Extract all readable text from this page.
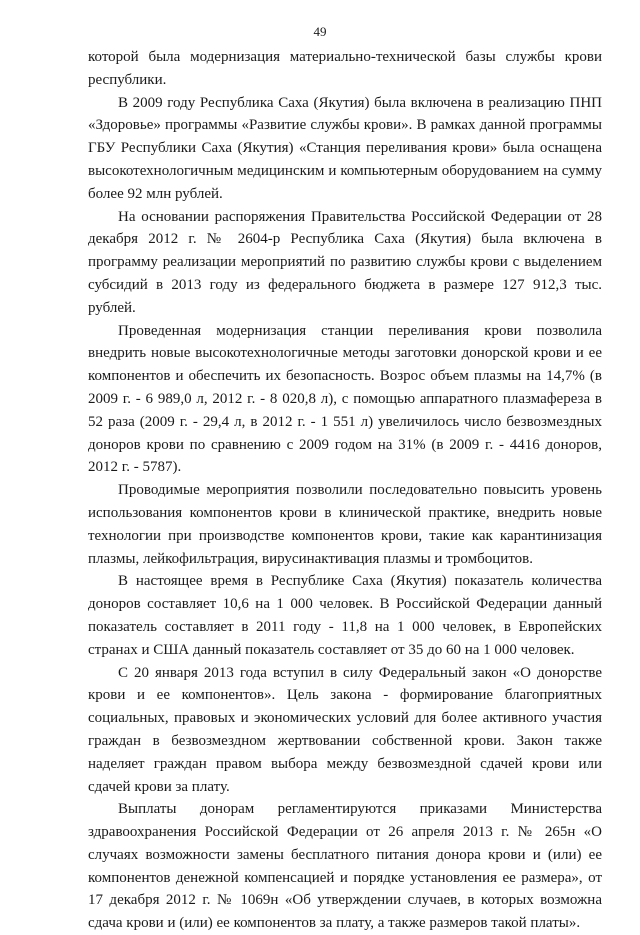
49

которой была модернизация материально-технической базы службы крови республики.

В 2009 году Республика Саха (Якутия) была включена в реализацию ПНП «Здоровье» программы «Развитие службы крови». В рамках данной программы ГБУ Республики Саха (Якутия) «Станция переливания крови» была оснащена высокотехнологичным медицинским и компьютерным оборудованием на сумму более 92 млн рублей.

На основании распоряжения Правительства Российской Федерации от 28 декабря 2012 г. № 2604-р Республика Саха (Якутия) была включена в программу реализации мероприятий по развитию службы крови с выделением субсидий в 2013 году из федерального бюджета в размере 127 912,3 тыс. рублей.

Проведенная модернизация станции переливания крови позволила внедрить новые высокотехнологичные методы заготовки донорской крови и ее компонентов и обеспечить их безопасность. Возрос объем плазмы на 14,7% (в 2009 г. - 6 989,0 л, 2012 г. - 8 020,8 л), с помощью аппаратного плазмафереза в 52 раза (2009 г. - 29,4 л, в 2012 г. - 1 551 л) увеличилось число безвозмездных доноров крови по сравнению с 2009 годом на 31% (в 2009 г. - 4416 доноров, 2012 г. - 5787).

Проводимые мероприятия позволили последовательно повысить уровень использования компонентов крови в клинической практике, внедрить новые технологии при производстве компонентов крови, такие как карантинизация плазмы, лейкофильтрация, вирусинактивация плазмы и тромбоцитов.

В настоящее время в Республике Саха (Якутия) показатель количества доноров составляет 10,6 на 1 000 человек. В Российской Федерации данный показатель составляет в 2011 году - 11,8 на 1 000 человек, в Европейских странах и США данный показатель составляет от 35 до 60 на 1 000 человек.

С 20 января 2013 года вступил в силу Федеральный закон «О донорстве крови и ее компонентов». Цель закона - формирование благоприятных социальных, правовых и экономических условий для более активного участия граждан в безвозмездном жертвовании собственной крови. Закон также наделяет граждан правом выбора между безвозмездной сдачей крови или сдачей крови за плату.

Выплаты донорам регламентируются приказами Министерства здравоохранения Российской Федерации от 26 апреля 2013 г. № 265н «О случаях возможности замены бесплатного питания донора крови и (или) ее компонентов денежной компенсацией и порядке установления ее размера», от 17 декабря 2012 г. № 1069н «Об утверждении случаев, в которых возможна сдача крови и (или) ее компонентов за плату, а также размеров такой платы».
